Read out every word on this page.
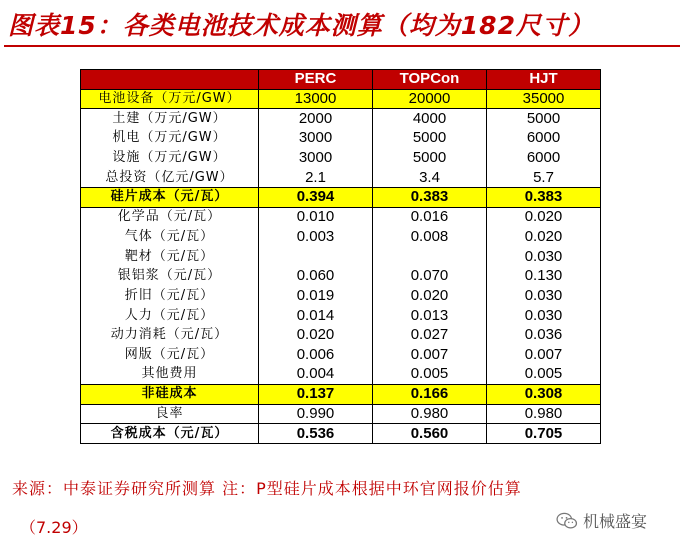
图表15：各类电池技术成本测算（均为182尺寸）
	PERC	TOPCon	HJT
电池设备（万元/GW）	13000	20000	35000
土建（万元/GW）	2000	4000	5000
机电（万元/GW）	3000	5000	6000
设施（万元/GW）	3000	5000	6000
总投资（亿元/GW）	2.1	3.4	5.7
硅片成本（元/瓦）	0.394	0.383	0.383
化学品（元/瓦）	0.010	0.016	0.020
气体（元/瓦）	0.003	0.008	0.020
靶材（元/瓦）			0.030
银铝浆（元/瓦）	0.060	0.070	0.130
折旧（元/瓦）	0.019	0.020	0.030
人力（元/瓦）	0.014	0.013	0.030
动力消耗（元/瓦）	0.020	0.027	0.036
网版（元/瓦）	0.006	0.007	0.007
其他费用	0.004	0.005	0.005
非硅成本	0.137	0.166	0.308
良率	0.990	0.980	0.980
含税成本（元/瓦）	0.536	0.560	0.705
来源：中泰证券研究所测算 注：P型硅片成本根据中环官网报价估算
（7.29）	机械盛宴
